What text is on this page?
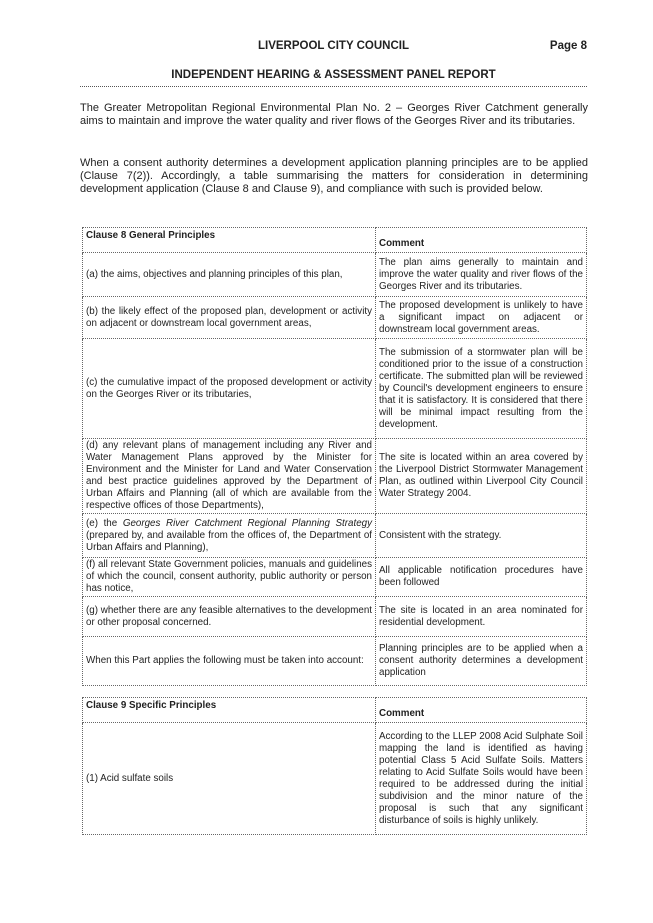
LIVERPOOL CITY COUNCIL	Page 8
INDEPENDENT HEARING & ASSESSMENT PANEL REPORT
The Greater Metropolitan Regional Environmental Plan No. 2 – Georges River Catchment generally aims to maintain and improve the water quality and river flows of the Georges River and its tributaries.
When a consent authority determines a development application planning principles are to be applied (Clause 7(2)). Accordingly, a table summarising the matters for consideration in determining development application (Clause 8 and Clause 9), and compliance with such is provided below.
Clause 8 General Principles	Comment
(a) the aims, objectives and planning principles of this plan,	The plan aims generally to maintain and improve the water quality and river flows of the Georges River and its tributaries.
(b) the likely effect of the proposed plan, development or activity on adjacent or downstream local government areas,	The proposed development is unlikely to have a significant impact on adjacent or downstream local government areas.
(c) the cumulative impact of the proposed development or activity on the Georges River or its tributaries,	The submission of a stormwater plan will be conditioned prior to the issue of a construction certificate. The submitted plan will be reviewed by Council's development engineers to ensure that it is satisfactory. It is considered that there will be minimal impact resulting from the development.
(d) any relevant plans of management including any River and Water Management Plans approved by the Minister for Environment and the Minister for Land and Water Conservation and best practice guidelines approved by the Department of Urban Affairs and Planning (all of which are available from the respective offices of those Departments),	The site is located within an area covered by the Liverpool District Stormwater Management Plan, as outlined within Liverpool City Council Water Strategy 2004.
(e) the Georges River Catchment Regional Planning Strategy (prepared by, and available from the offices of, the Department of Urban Affairs and Planning),	Consistent with the strategy.
(f) all relevant State Government policies, manuals and guidelines of which the council, consent authority, public authority or person has notice,	All applicable notification procedures have been followed
(g) whether there are any feasible alternatives to the development or other proposal concerned.	The site is located in an area nominated for residential development.
When this Part applies the following must be taken into account:	Planning principles are to be applied when a consent authority determines a development application
Clause 9 Specific Principles	Comment
(1) Acid sulfate soils	According to the LLEP 2008 Acid Sulphate Soil mapping the land is identified as having potential Class 5 Acid Sulfate Soils. Matters relating to Acid Sulfate Soils would have been required to be addressed during the initial subdivision and the minor nature of the proposal is such that any significant disturbance of soils is highly unlikely.
